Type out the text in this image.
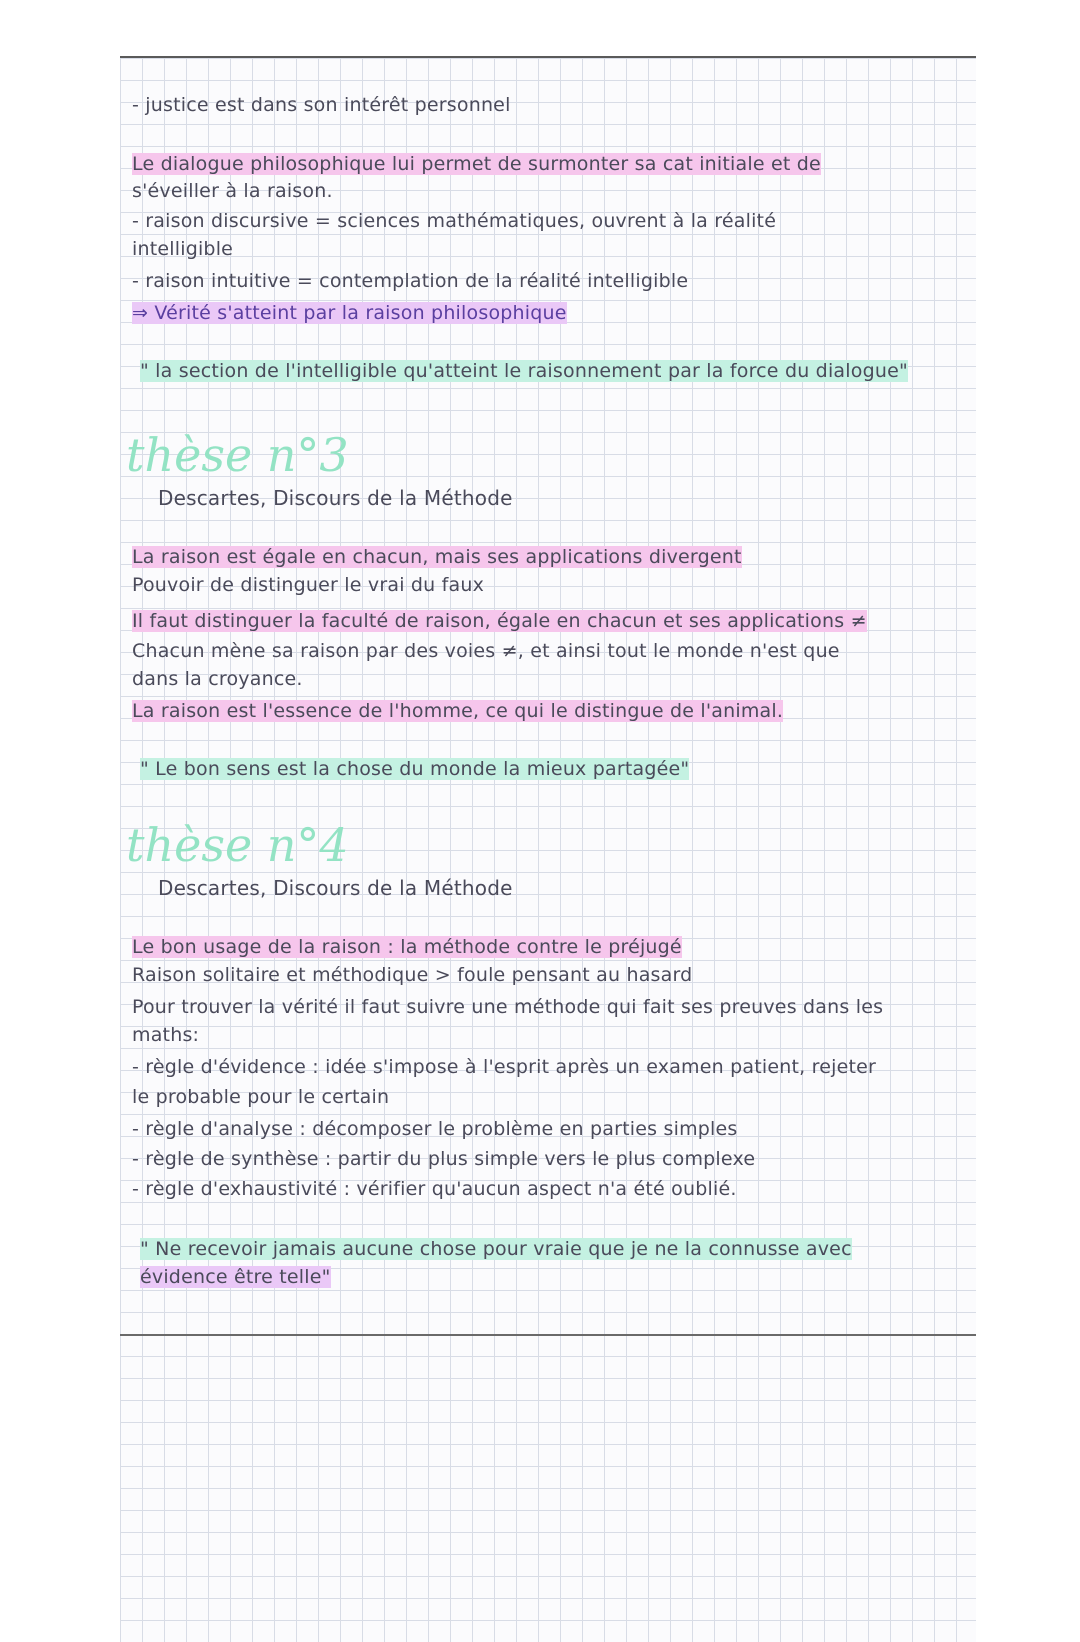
- justice est dans son intérêt personnel
Le dialogue philosophique lui permet de surmonter sa cat initiale et de
s'éveiller à la raison.
- raison discursive = sciences mathématiques, ouvrent à la réalité
intelligible
- raison intuitive = contemplation de la réalité intelligible
⇒ Vérité s'atteint par la raison philosophique
" la section de l'intelligible qu'atteint le raisonnement par la force du dialogue"
thèse n°3
Descartes, Discours de la Méthode
La raison est égale en chacun, mais ses applications divergent
Pouvoir de distinguer le vrai du faux
Il faut distinguer la faculté de raison, égale en chacun et ses applications ≠
Chacun mène sa raison par des voies ≠, et ainsi tout le monde n'est que
dans la croyance.
La raison est l'essence de l'homme, ce qui le distingue de l'animal.
" Le bon sens est la chose du monde la mieux partagée"
thèse n°4
Descartes, Discours de la Méthode
Le bon usage de la raison : la méthode contre le préjugé
Raison solitaire et méthodique > foule pensant au hasard
Pour trouver la vérité il faut suivre une méthode qui fait ses preuves dans les
maths:
- règle d'évidence : idée s'impose à l'esprit après un examen patient, rejeter
le probable pour le certain
- règle d'analyse : décomposer le problème en parties simples
- règle de synthèse : partir du plus simple vers le plus complexe
- règle d'exhaustivité : vérifier qu'aucun aspect n'a été oublié.
" Ne recevoir jamais aucune chose pour vraie que je ne la connusse avec
évidence être telle"
